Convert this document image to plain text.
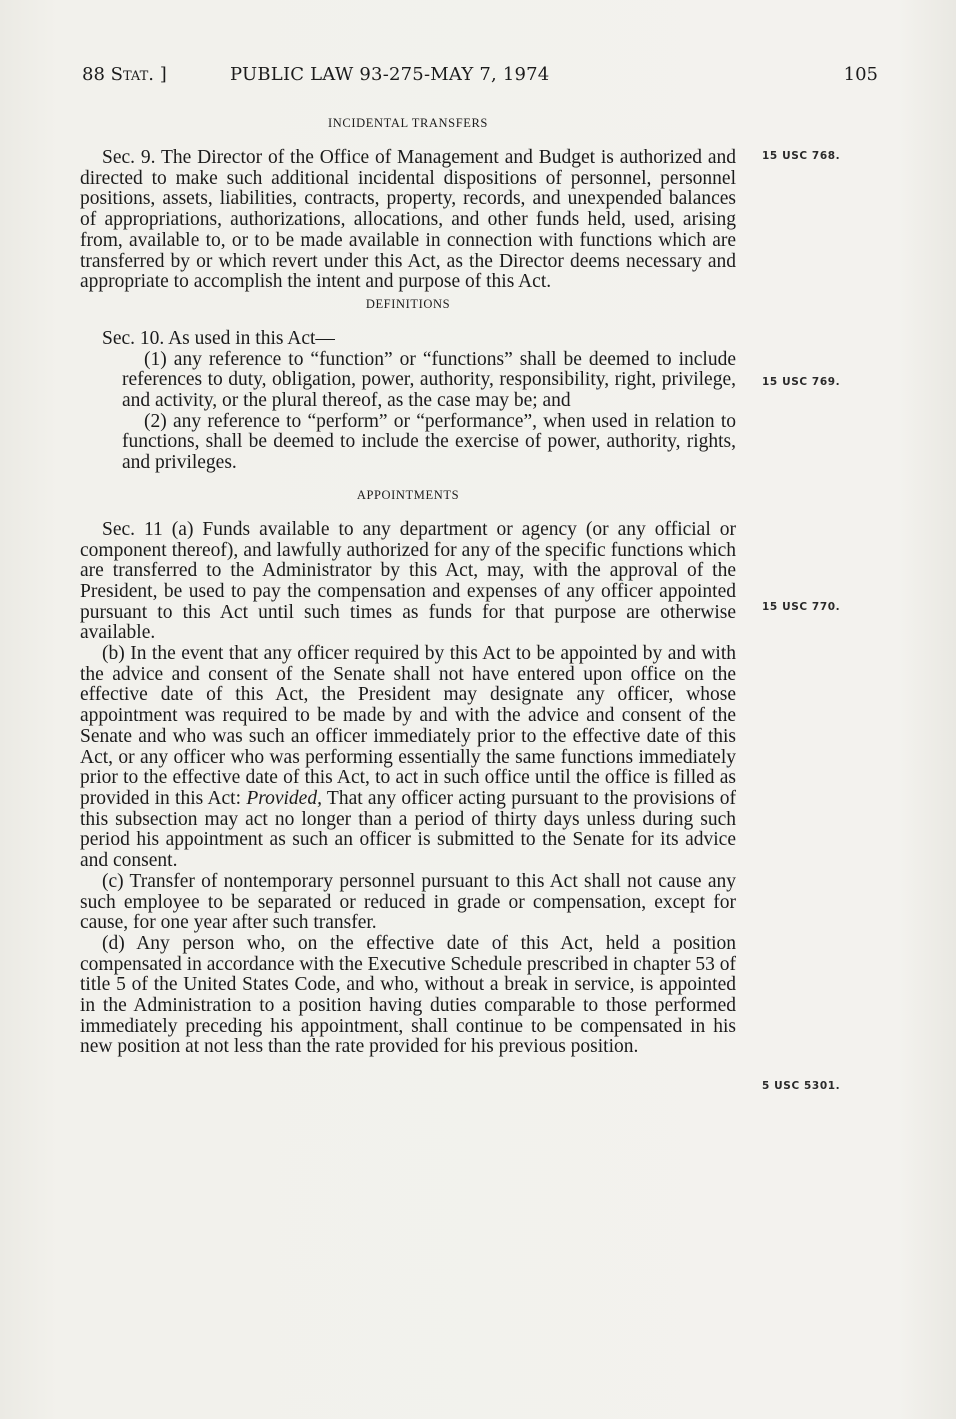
88 Stat. ]	PUBLIC LAW 93-275-MAY 7, 1974	105

INCIDENTAL TRANSFERS

Sec. 9. The Director of the Office of Management and Budget is authorized and directed to make such additional incidental dispositions of personnel, personnel positions, assets, liabilities, contracts, property, records, and unexpended balances of appropriations, authorizations, allocations, and other funds held, used, arising from, available to, or to be made available in connection with functions which are transferred by or which revert under this Act, as the Director deems necessary and appropriate to accomplish the intent and purpose of this Act.

DEFINITIONS

Sec. 10. As used in this Act—

(1) any reference to “function” or “functions” shall be deemed to include references to duty, obligation, power, authority, responsibility, right, privilege, and activity, or the plural thereof, as the case may be; and

(2) any reference to “perform” or “performance”, when used in relation to functions, shall be deemed to include the exercise of power, authority, rights, and privileges.

APPOINTMENTS

Sec. 11 (a) Funds available to any department or agency (or any official or component thereof), and lawfully authorized for any of the specific functions which are transferred to the Administrator by this Act, may, with the approval of the President, be used to pay the compensation and expenses of any officer appointed pursuant to this Act until such times as funds for that purpose are otherwise available.

(b) In the event that any officer required by this Act to be appointed by and with the advice and consent of the Senate shall not have entered upon office on the effective date of this Act, the President may designate any officer, whose appointment was required to be made by and with the advice and consent of the Senate and who was such an officer immediately prior to the effective date of this Act, or any officer who was performing essentially the same functions immediately prior to the effective date of this Act, to act in such office until the office is filled as provided in this Act: Provided, That any officer acting pursuant to the provisions of this subsection may act no longer than a period of thirty days unless during such period his appointment as such an officer is submitted to the Senate for its advice and consent.

(c) Transfer of nontemporary personnel pursuant to this Act shall not cause any such employee to be separated or reduced in grade or compensation, except for cause, for one year after such transfer.

(d) Any person who, on the effective date of this Act, held a position compensated in accordance with the Executive Schedule prescribed in chapter 53 of title 5 of the United States Code, and who, without a break in service, is appointed in the Administration to a position having duties comparable to those performed immediately preceding his appointment, shall continue to be compensated in his new position at not less than the rate provided for his previous position.

15 USC 768.
15 USC 769.
15 USC 770.
5 USC 5301.
